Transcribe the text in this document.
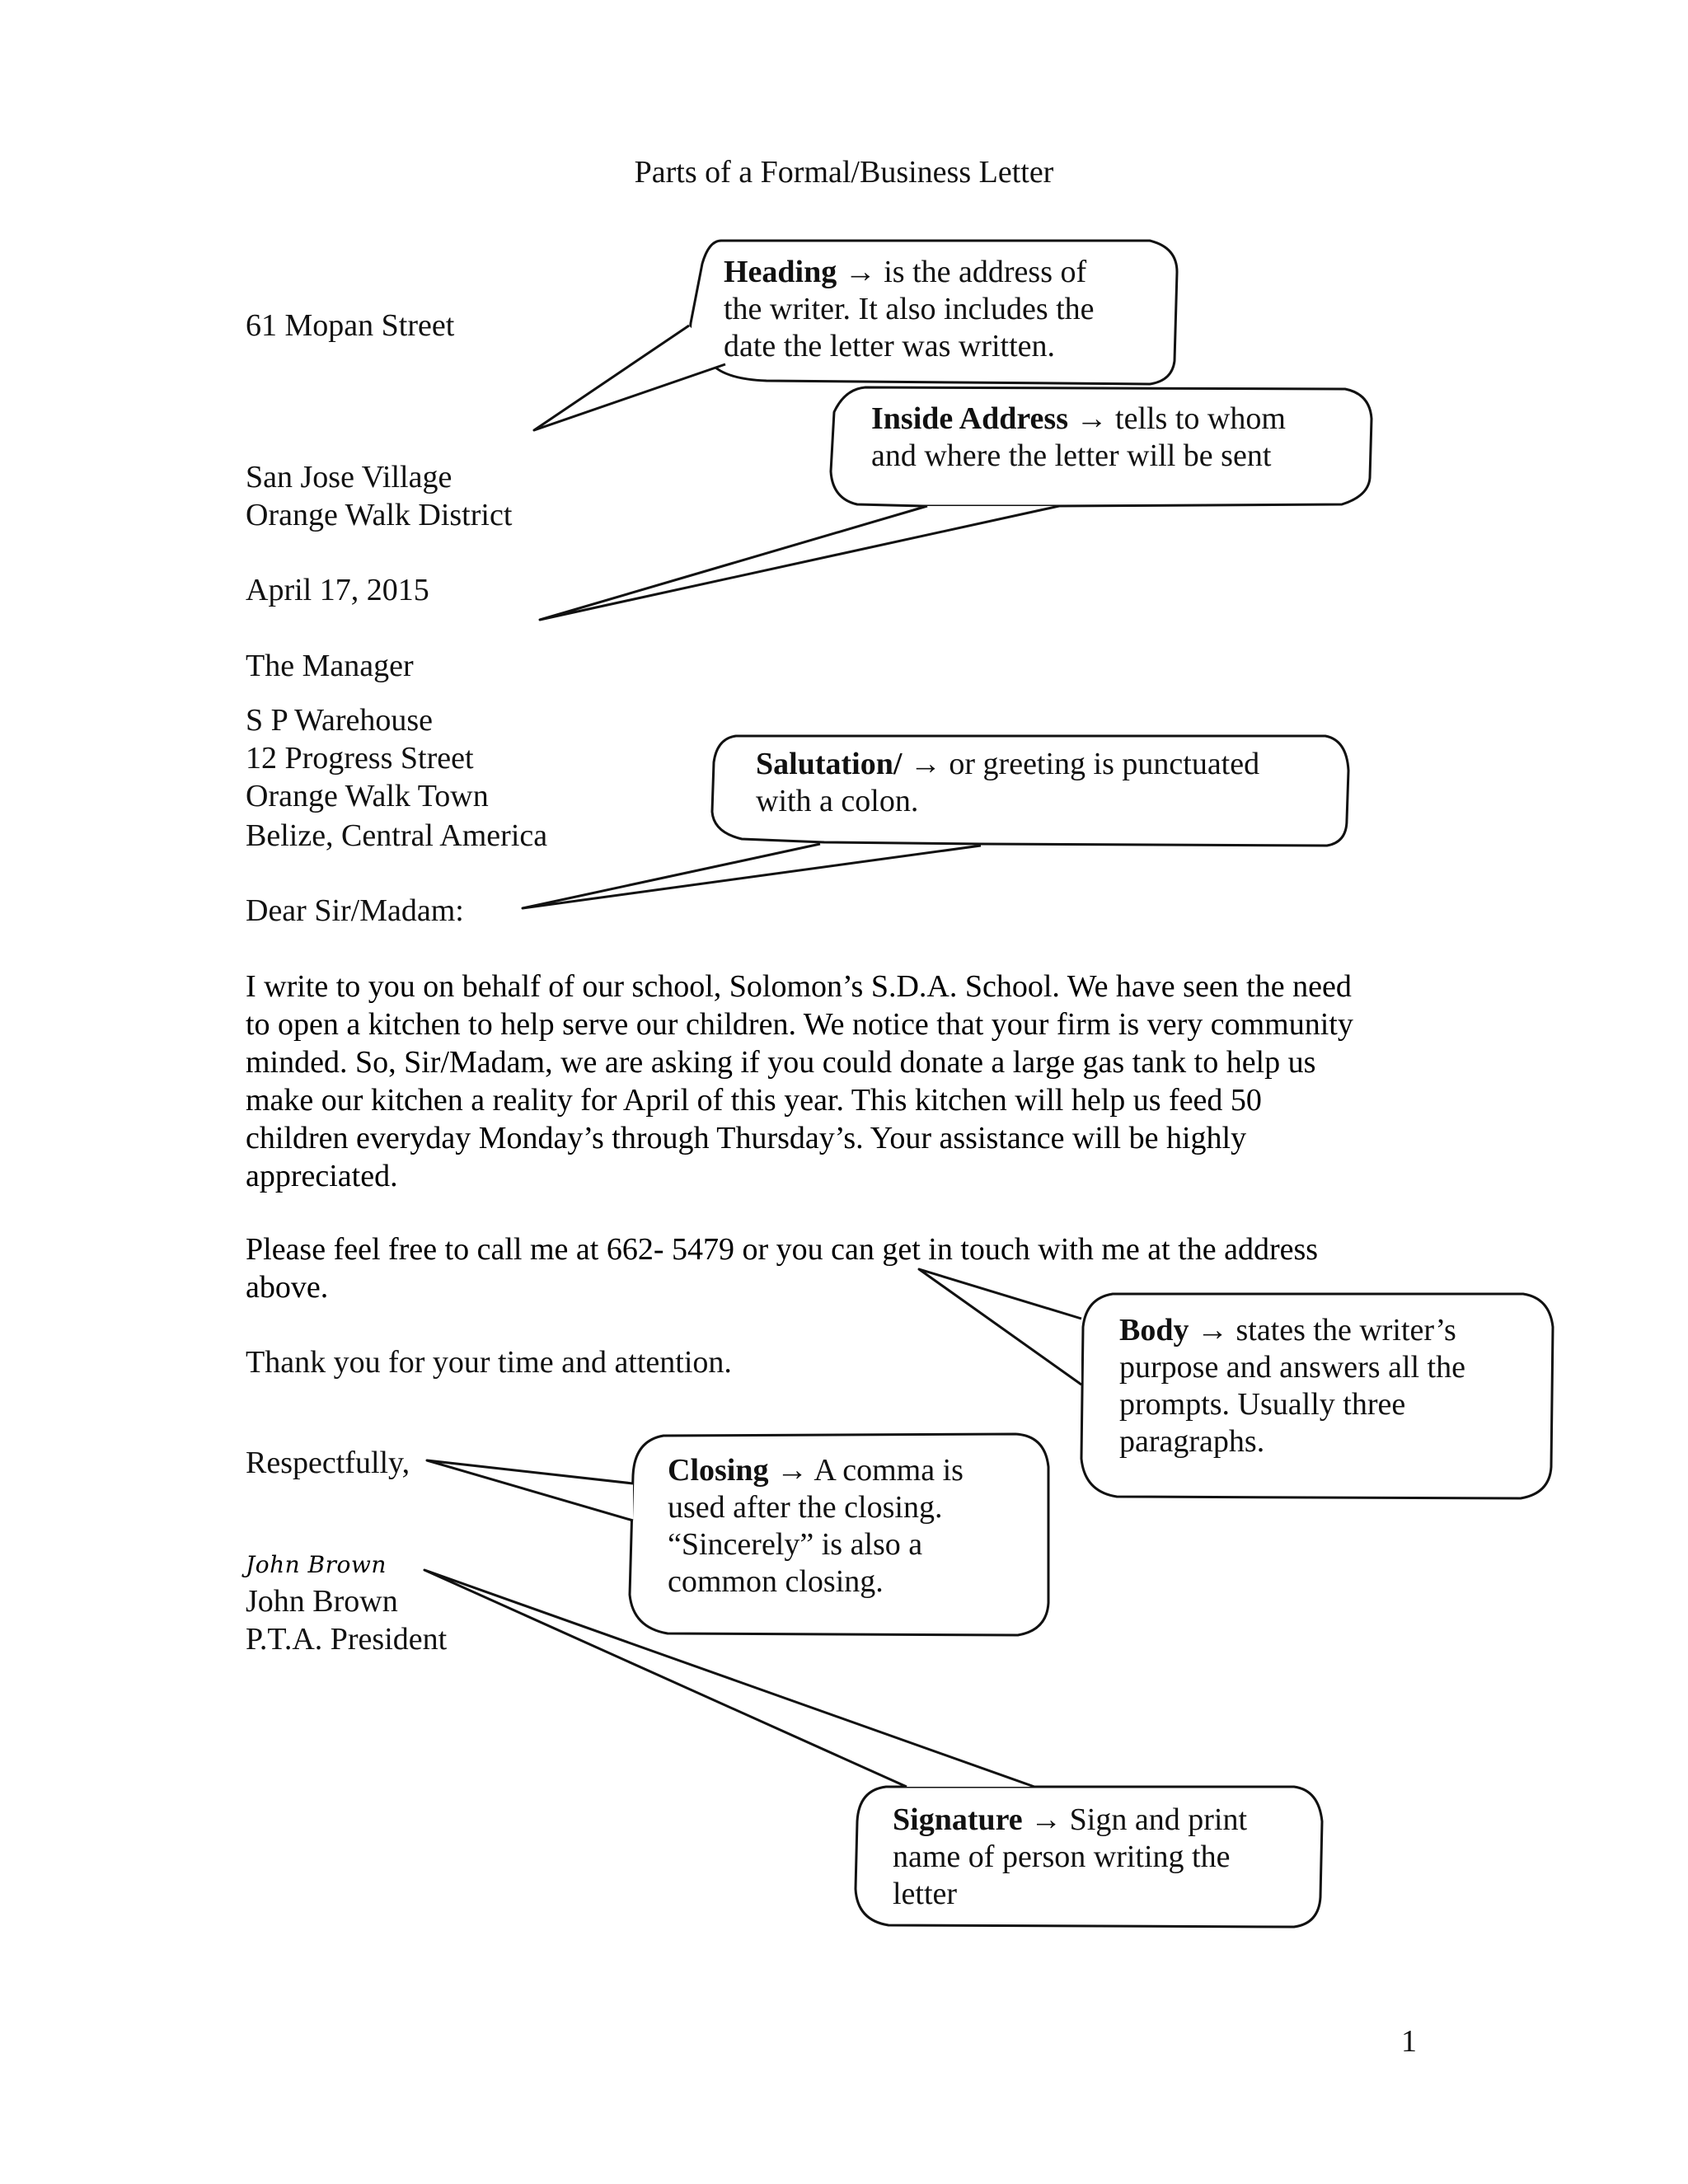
Parts of a Formal/Business Letter
61 Mopan Street
San Jose Village
Orange Walk District
April 17, 2015
The Manager
S P Warehouse
12 Progress Street
Orange Walk Town
Belize, Central America
Dear Sir/Madam:
I write to you on behalf of our school, Solomon’s S.D.A. School. We have seen the need
to open a kitchen to help serve our children. We notice that your firm is very community
minded. So, Sir/Madam, we are asking if you could donate a large gas tank to help us
make our kitchen a reality for April of this year. This kitchen will help us feed 50
children everyday Monday’s through Thursday’s. Your assistance will be highly
appreciated.
Please feel free to call me at 662- 5479 or you can get in touch with me at the address
above.
Thank you for your time and attention.
Respectfully,
John Brown
John Brown
P.T.A. President
Heading → is the address of
the writer. It also includes the
date the letter was written.
Inside Address → tells to whom
and where the letter will be sent
Salutation/ → or greeting is punctuated
with a colon.
Body → states the writer’s
purpose and answers all the
prompts. Usually three
paragraphs.
Closing → A comma is
used after the closing.
“Sincerely” is also a
common closing.
Signature → Sign and print
name of person writing the
letter
1
